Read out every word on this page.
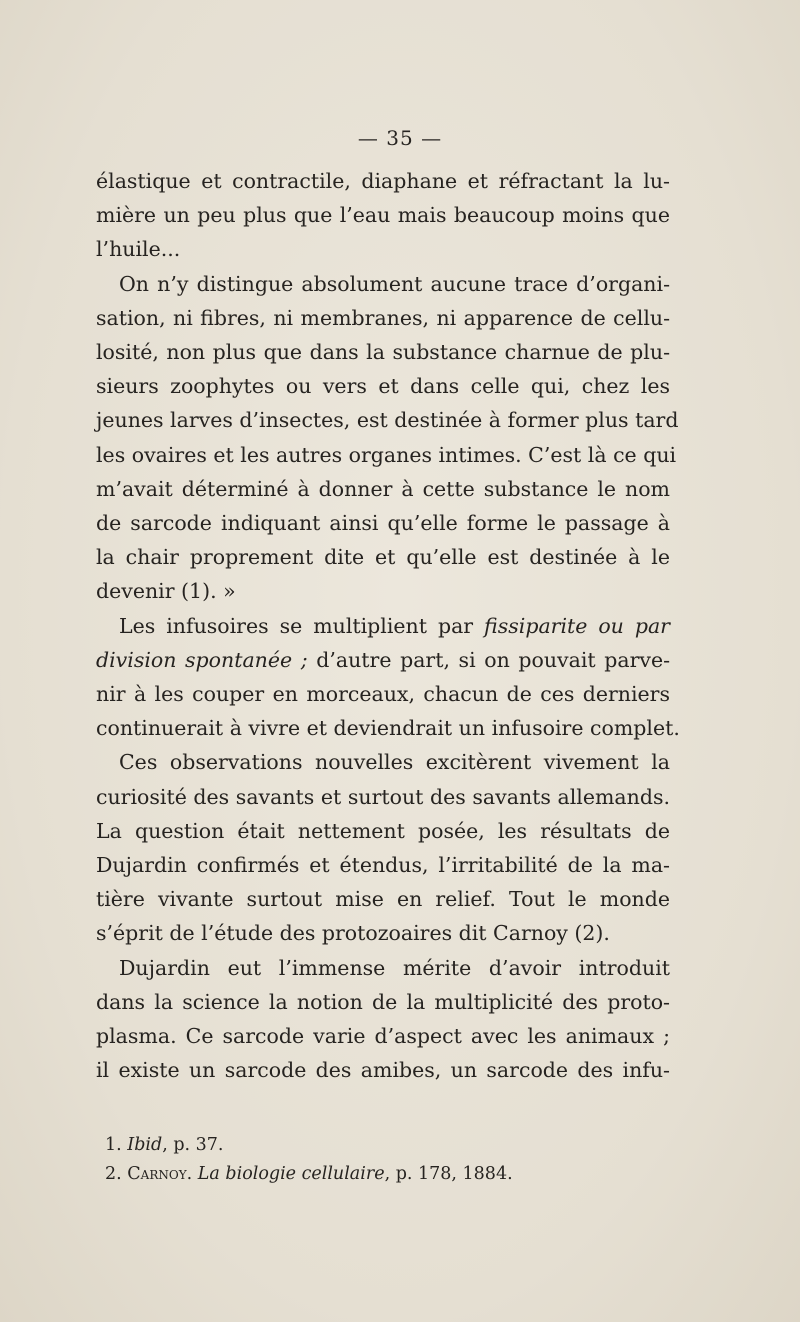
— 35 —
élastique et contractile, diaphane et réfractant la lu-
mière un peu plus que l’eau mais beaucoup moins que
l’huile...
On n’y distingue absolument aucune trace d’organi-
sation, ni fibres, ni membranes, ni apparence de cellu-
losité, non plus que dans la substance charnue de plu-
sieurs zoophytes ou vers et dans celle qui, chez les
jeunes larves d’insectes, est destinée à former plus tard
les ovaires et les autres organes intimes. C’est là ce qui
m’avait déterminé à donner à cette substance le nom
de sarcode indiquant ainsi qu’elle forme le passage à
la chair proprement dite et qu’elle est destinée à le
devenir (1). »
Les infusoires se multiplient par fissiparite ou par
division spontanée ; d’autre part, si on pouvait parve-
nir à les couper en morceaux, chacun de ces derniers
continuerait à vivre et deviendrait un infusoire complet.
Ces observations nouvelles excitèrent vivement la
curiosité des savants et surtout des savants allemands.
La question était nettement posée, les résultats de
Dujardin confirmés et étendus, l’irritabilité de la ma-
tière vivante surtout mise en relief. Tout le monde
s’éprit de l’étude des protozoaires dit Carnoy (2).
Dujardin eut l’immense mérite d’avoir introduit
dans la science la notion de la multiplicité des proto-
plasma. Ce sarcode varie d’aspect avec les animaux ;
il existe un sarcode des amibes, un sarcode des infu-
1. Ibid, p. 37.
2. Carnoy. La biologie cellulaire, p. 178, 1884.
